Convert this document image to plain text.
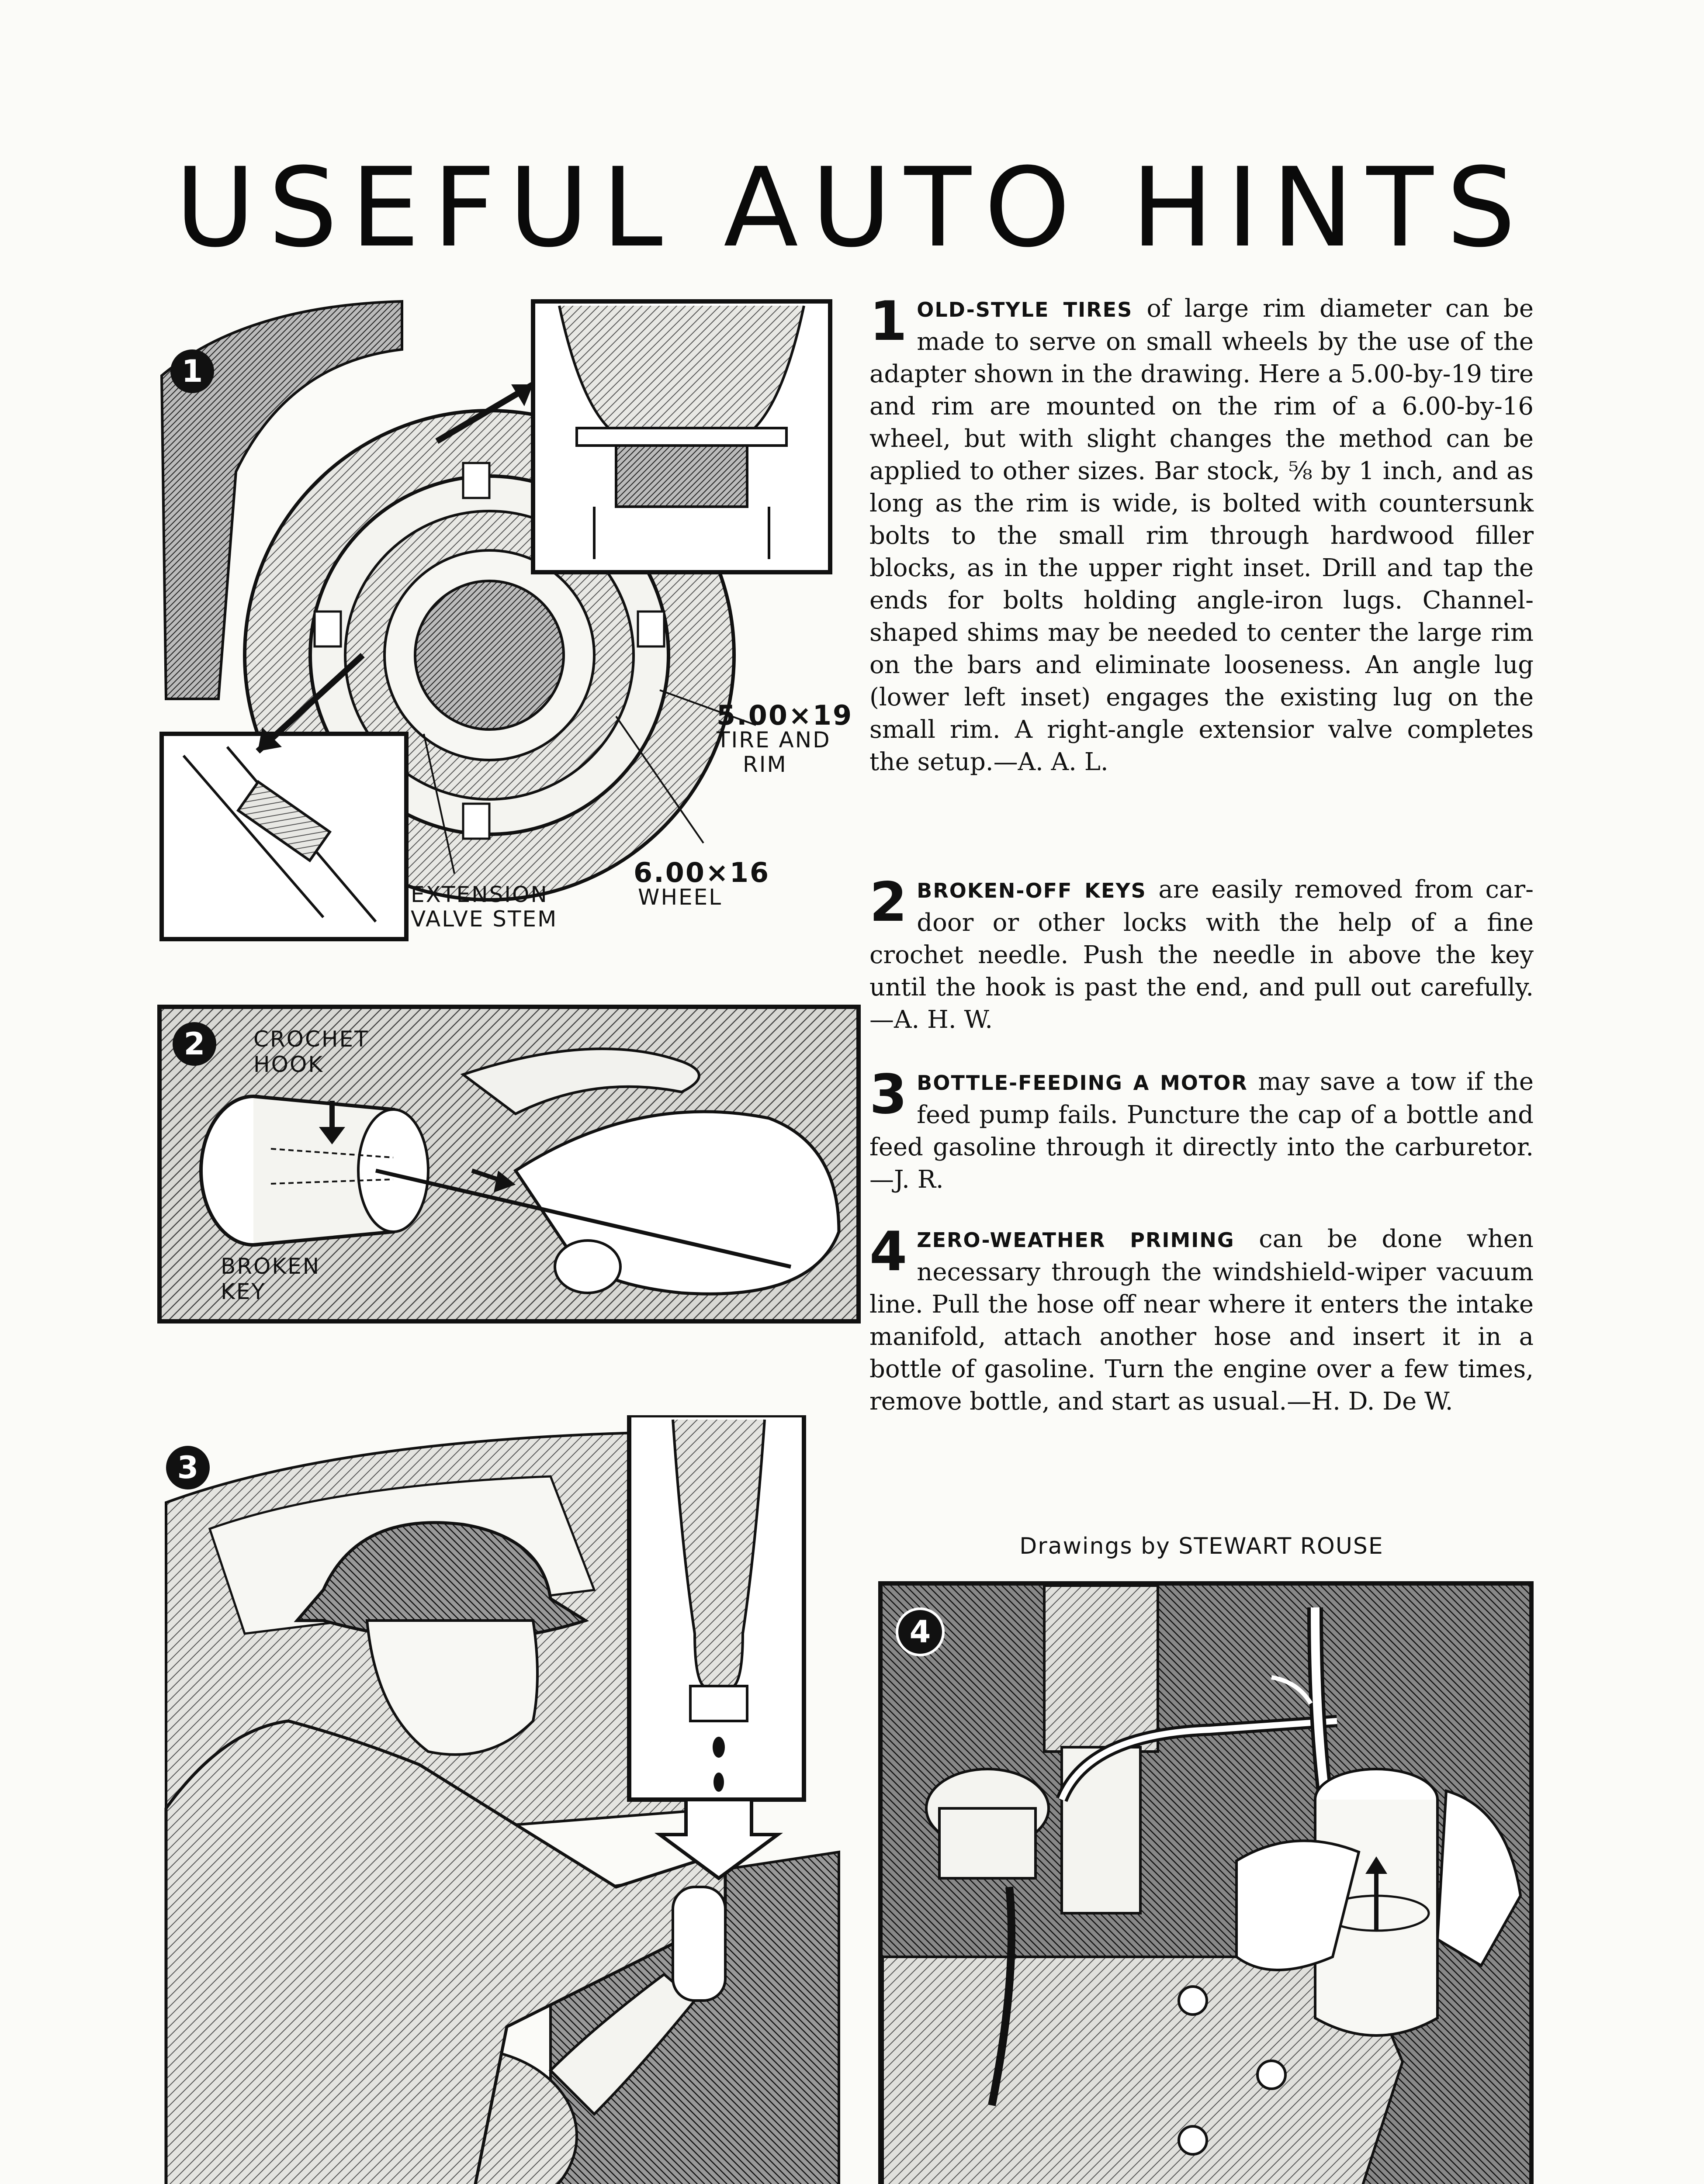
USEFUL AUTO HINTS
1
5.00×19
TIRE AND
RIM
6.00×16
WHEEL
EXTENSION
VALVE STEM
2	CROCHET
HOOK
BROKEN
KEY
3
4
1 OLD-STYLE TIRES of large rim diameter can be made to serve on small wheels by the use of the adapter shown in the drawing. Here a 5.00-by-19 tire and rim are mounted on the rim of a 6.00-by-16 wheel, but with slight changes the method can be applied to other sizes. Bar stock, ⅝ by 1 inch, and as long as the rim is wide, is bolted with countersunk bolts to the small rim through hardwood filler blocks, as in the upper right inset. Drill and tap the ends for bolts holding angle-iron lugs. Channel-shaped shims may be needed to center the large rim on the bars and eliminate looseness. An angle lug (lower left inset) engages the existing lug on the small rim. A right-angle extensior valve completes the setup.—A. A. L.

2 BROKEN-OFF KEYS are easily removed from car-door or other locks with the help of a fine crochet needle. Push the needle in above the key until the hook is past the end, and pull out carefully.—A. H. W.

3 BOTTLE-FEEDING A MOTOR may save a tow if the feed pump fails. Puncture the cap of a bottle and feed gasoline through it directly into the carburetor.—J. R.

4 ZERO-WEATHER PRIMING can be done when necessary through the windshield-wiper vacuum line. Pull the hose off near where it enters the intake manifold, attach another hose and insert it in a bottle of gasoline. Turn the engine over a few times, remove bottle, and start as usual.—H. D. De W.

Drawings by STEWART ROUSE
